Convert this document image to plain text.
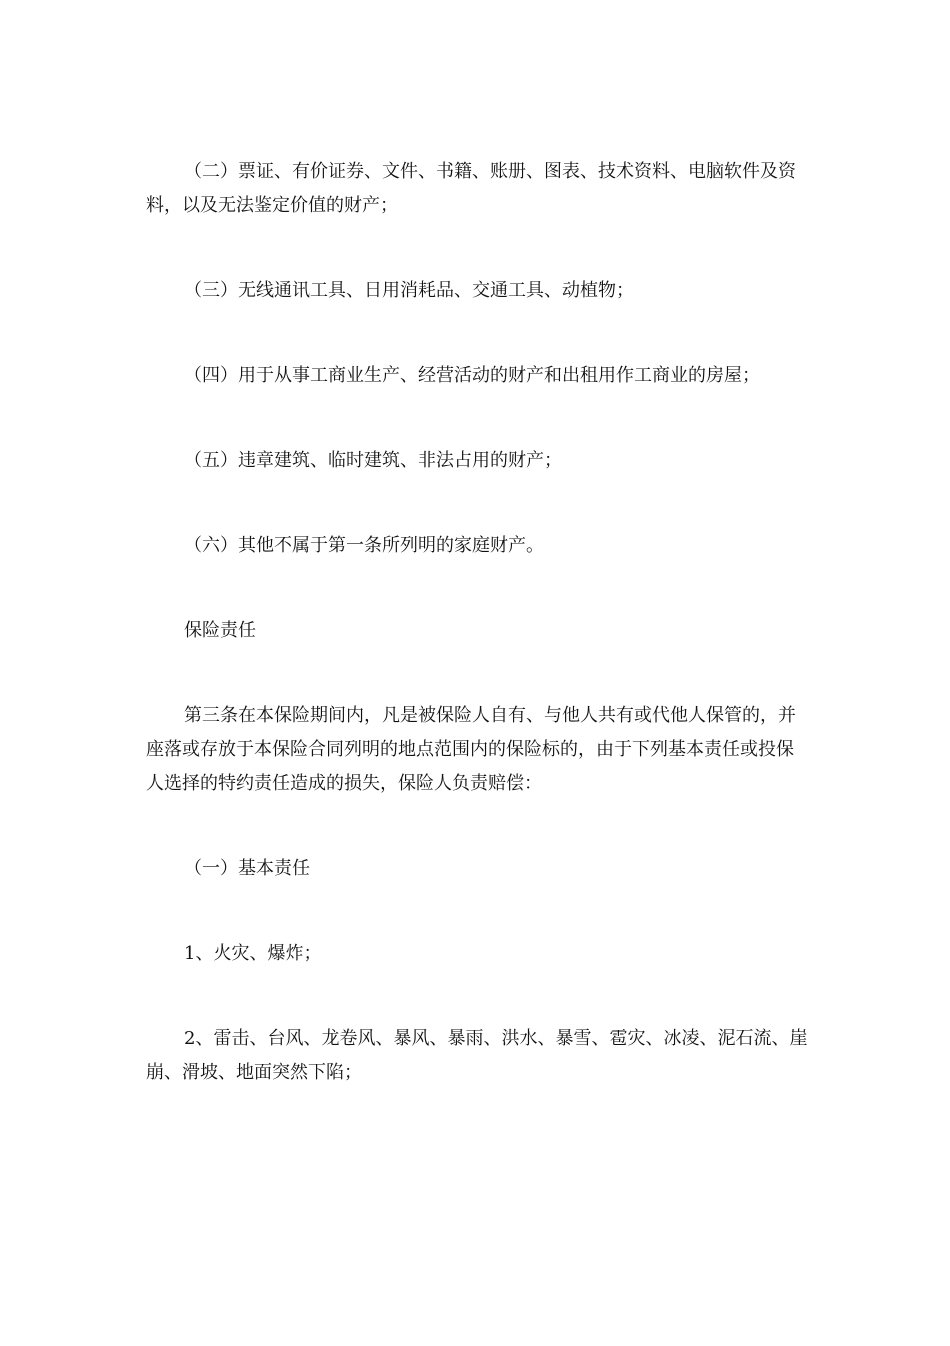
（二）票证、有价证券、文件、书籍、账册、图表、技术资料、电脑软件及资料，以及无法鉴定价值的财产；

（三）无线通讯工具、日用消耗品、交通工具、动植物；

（四）用于从事工商业生产、经营活动的财产和出租用作工商业的房屋；

（五）违章建筑、临时建筑、非法占用的财产；

（六）其他不属于第一条所列明的家庭财产。

保险责任

第三条在本保险期间内，凡是被保险人自有、与他人共有或代他人保管的，并座落或存放于本保险合同列明的地点范围内的保险标的，由于下列基本责任或投保人选择的特约责任造成的损失，保险人负责赔偿：

（一）基本责任

1、火灾、爆炸；

2、雷击、台风、龙卷风、暴风、暴雨、洪水、暴雪、雹灾、冰凌、泥石流、崖崩、滑坡、地面突然下陷；
